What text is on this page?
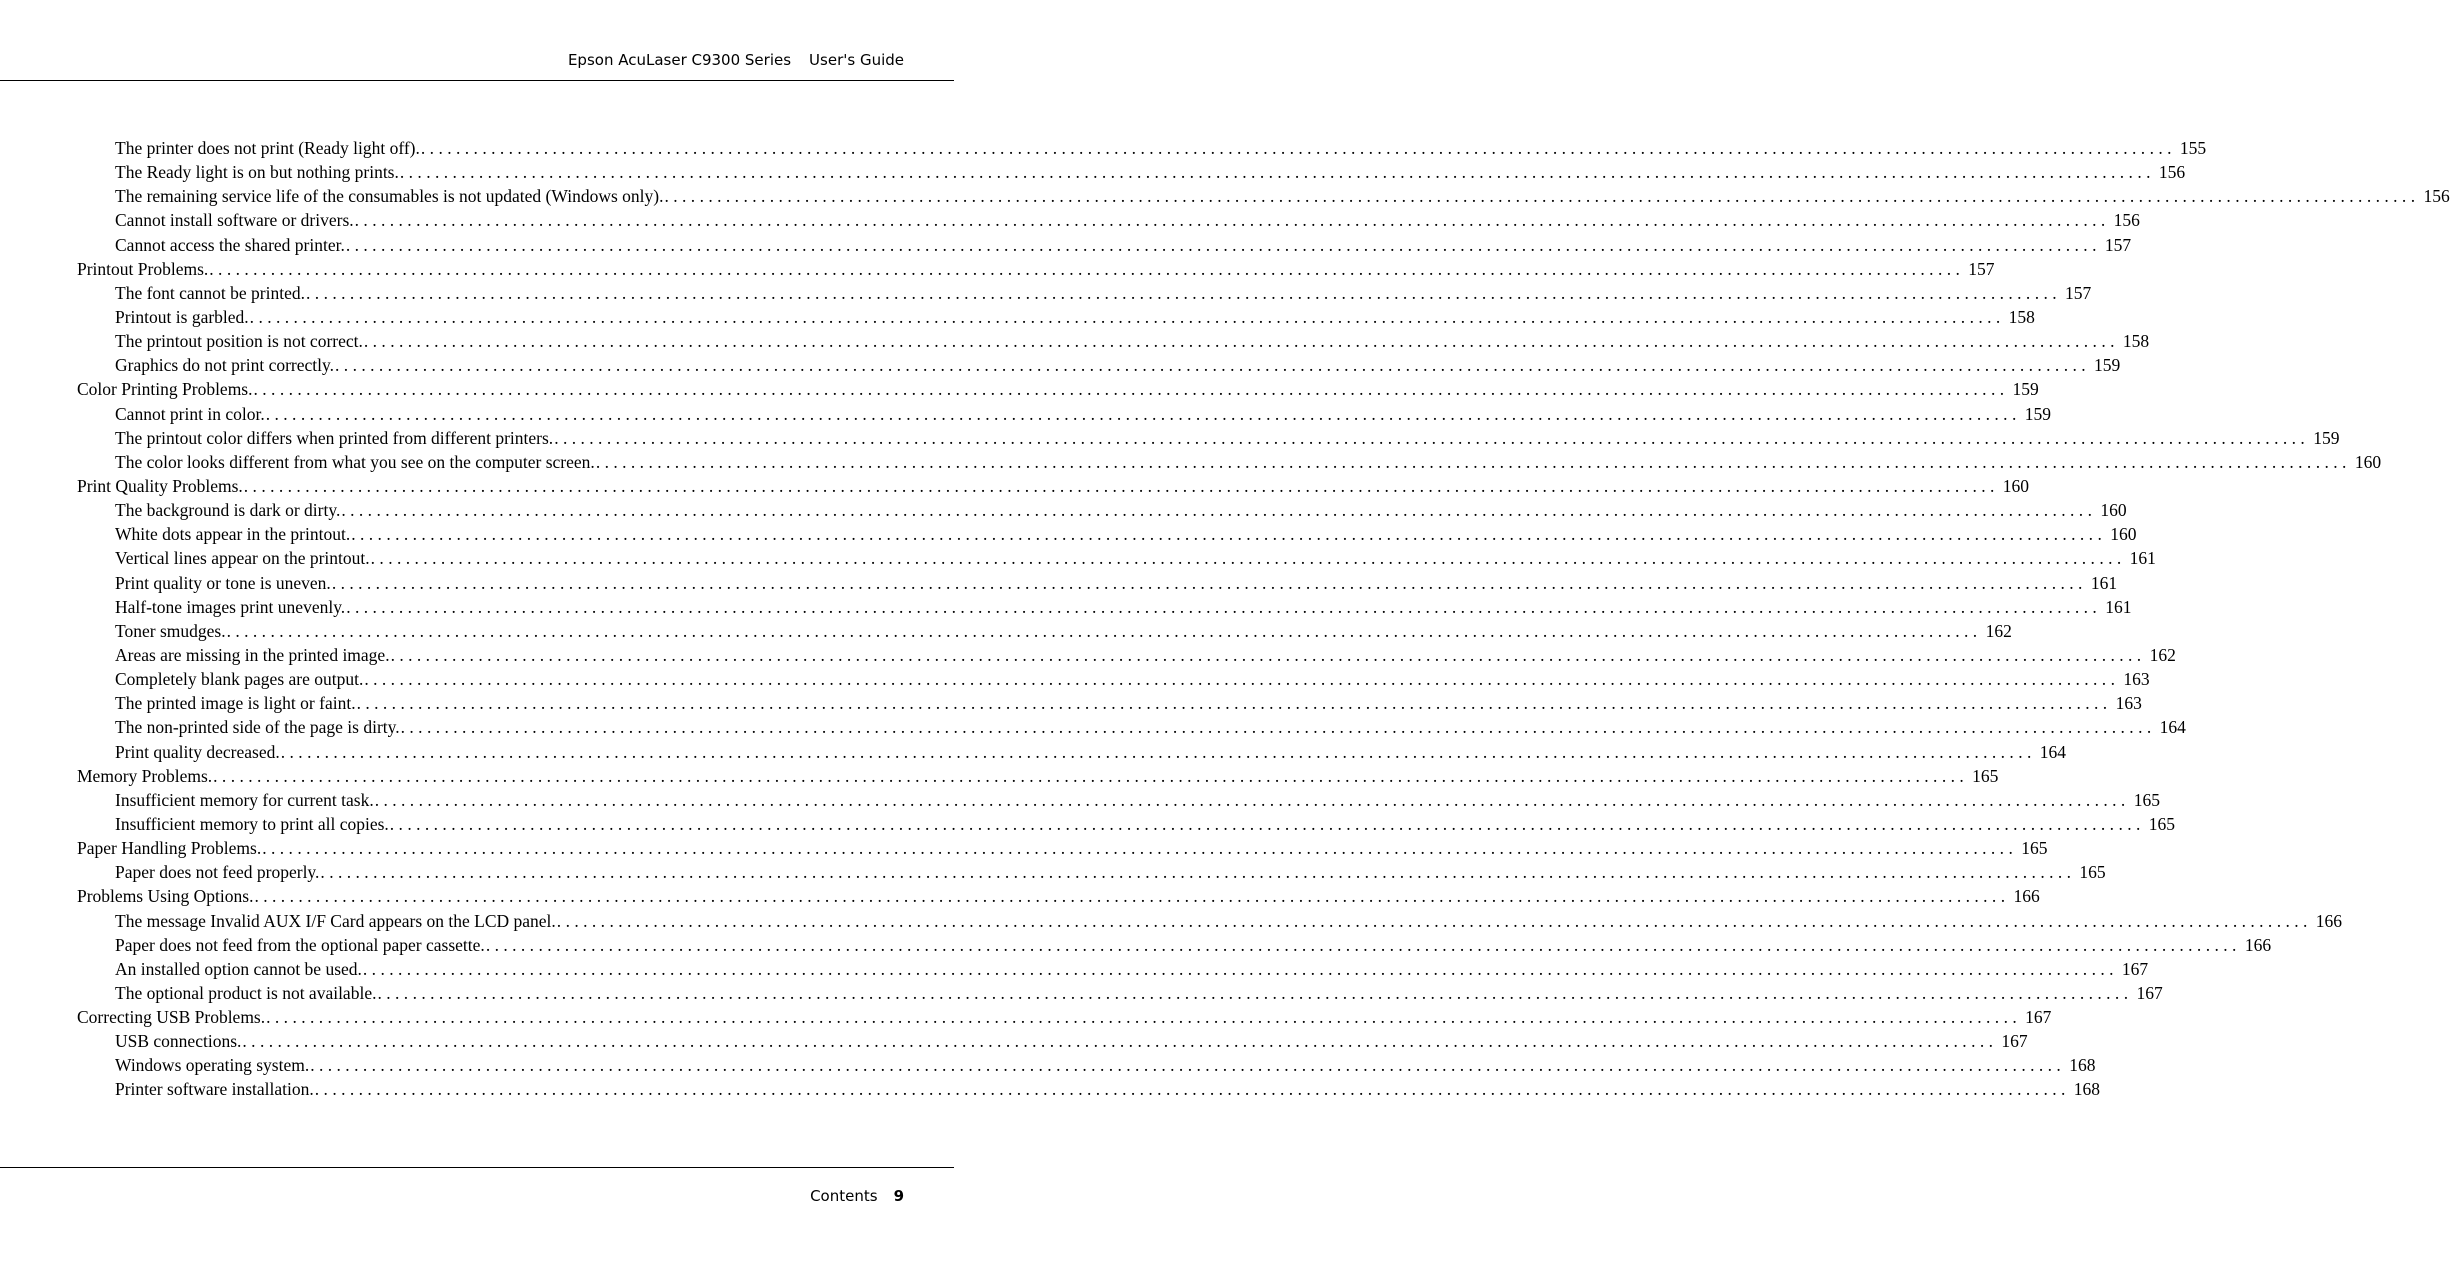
Epson AcuLaser C9300 Series User's Guide
The printer does not print (Ready light off). ........................................................................................................................................................................................................ 155
The Ready light is on but nothing prints. ........................................................................................................................................................................................................ 156
The remaining service life of the consumables is not updated (Windows only). ........................................................................................................................................................................................................ 156
Cannot install software or drivers. ........................................................................................................................................................................................................ 156
Cannot access the shared printer. ........................................................................................................................................................................................................ 157
Printout Problems. ........................................................................................................................................................................................................ 157
The font cannot be printed. ........................................................................................................................................................................................................ 157
Printout is garbled. ........................................................................................................................................................................................................ 158
The printout position is not correct. ........................................................................................................................................................................................................ 158
Graphics do not print correctly. ........................................................................................................................................................................................................ 159
Color Printing Problems. ........................................................................................................................................................................................................ 159
Cannot print in color. ........................................................................................................................................................................................................ 159
The printout color differs when printed from different printers. ........................................................................................................................................................................................................ 159
The color looks different from what you see on the computer screen. ........................................................................................................................................................................................................ 160
Print Quality Problems. ........................................................................................................................................................................................................ 160
The background is dark or dirty. ........................................................................................................................................................................................................ 160
White dots appear in the printout. ........................................................................................................................................................................................................ 160
Vertical lines appear on the printout. ........................................................................................................................................................................................................ 161
Print quality or tone is uneven. ........................................................................................................................................................................................................ 161
Half-tone images print unevenly. ........................................................................................................................................................................................................ 161
Toner smudges. ........................................................................................................................................................................................................ 162
Areas are missing in the printed image. ........................................................................................................................................................................................................ 162
Completely blank pages are output. ........................................................................................................................................................................................................ 163
The printed image is light or faint. ........................................................................................................................................................................................................ 163
The non-printed side of the page is dirty. ........................................................................................................................................................................................................ 164
Print quality decreased. ........................................................................................................................................................................................................ 164
Memory Problems. ........................................................................................................................................................................................................ 165
Insufficient memory for current task. ........................................................................................................................................................................................................ 165
Insufficient memory to print all copies. ........................................................................................................................................................................................................ 165
Paper Handling Problems. ........................................................................................................................................................................................................ 165
Paper does not feed properly. ........................................................................................................................................................................................................ 165
Problems Using Options. ........................................................................................................................................................................................................ 166
The message Invalid AUX I/F Card appears on the LCD panel. ........................................................................................................................................................................................................ 166
Paper does not feed from the optional paper cassette. ........................................................................................................................................................................................................ 166
An installed option cannot be used. ........................................................................................................................................................................................................ 167
The optional product is not available. ........................................................................................................................................................................................................ 167
Correcting USB Problems. ........................................................................................................................................................................................................ 167
USB connections. ........................................................................................................................................................................................................ 167
Windows operating system. ........................................................................................................................................................................................................ 168
Printer software installation. ........................................................................................................................................................................................................ 168
Contents 9
